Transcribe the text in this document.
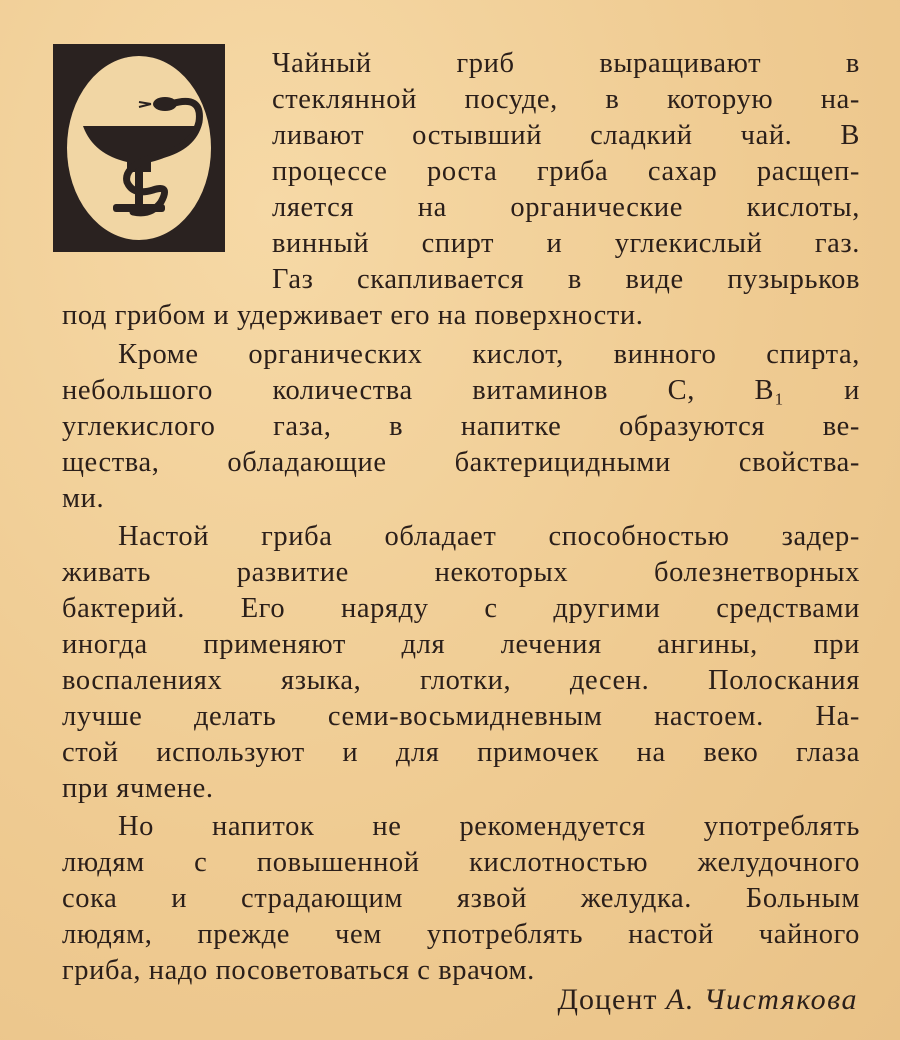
Чайный гриб выращивают в
стеклянной посуде, в которую на-
ливают остывший сладкий чай. В
процессе роста гриба сахар расщеп-
ляется на органические кислоты,
винный спирт и углекислый газ.
Газ скапливается в виде пузырьков
под грибом и удерживает его на поверхности.
Кроме органических кислот, винного спирта,
небольшого количества витаминов С, В₁ и
углекислого газа, в напитке образуются ве-
щества, обладающие бактерицидными свойства-
ми.
Настой гриба обладает способностью задер-
живать развитие некоторых болезнетворных
бактерий. Его наряду с другими средствами
иногда применяют для лечения ангины, при
воспалениях языка, глотки, десен. Полоскания
лучше делать семи-восьмидневным настоем. На-
стой используют и для примочек на веко глаза
при ячмене.
Но напиток не рекомендуется употреблять
людям с повышенной кислотностью желудочного
сока и страдающим язвой желудка. Больным
людям, прежде чем употреблять настой чайного
гриба, надо посоветоваться с врачом.
Доцент А. Чистякова
